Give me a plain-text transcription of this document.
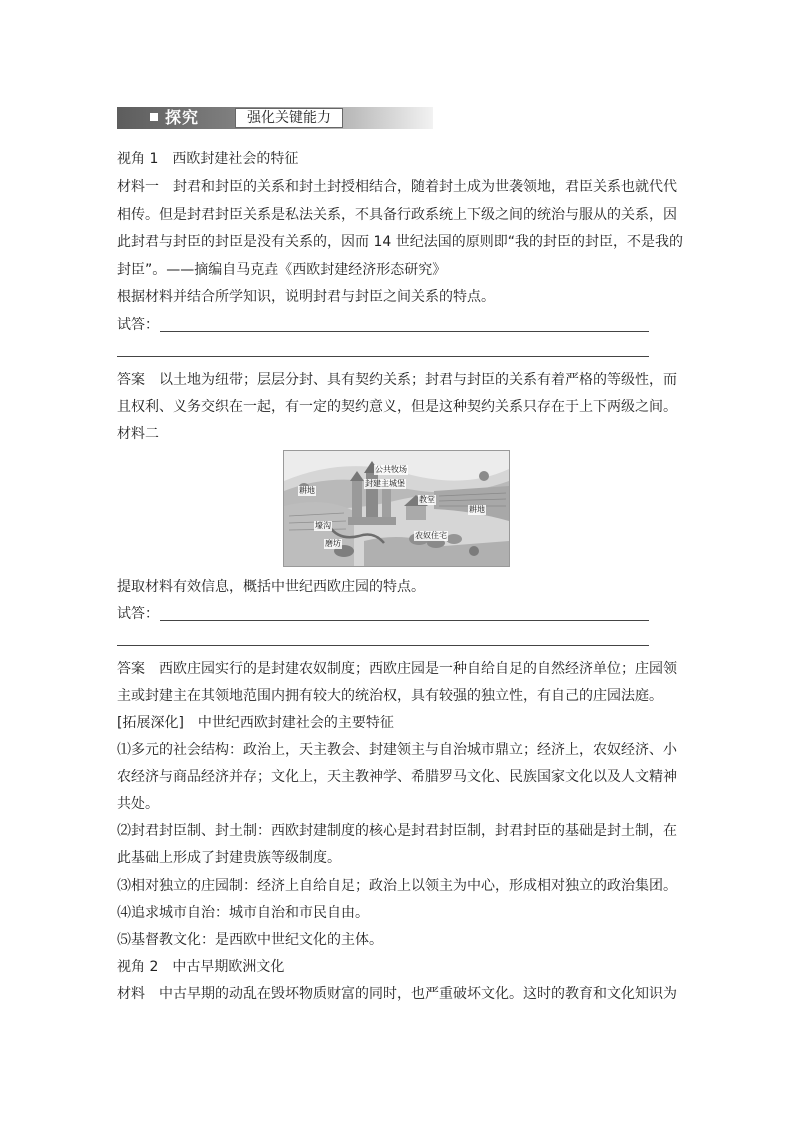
探究	强化关键能力
视角 1　西欧封建社会的特征
材料一　封君和封臣的关系和封土封授相结合，随着封土成为世袭领地，君臣关系也就代代
相传。但是封君封臣关系是私法关系，不具备行政系统上下级之间的统治与服从的关系，因
此封君与封臣的封臣是没有关系的，因而 14 世纪法国的原则即“我的封臣的封臣，不是我的
封臣”。——摘编自马克垚《西欧封建经济形态研究》
根据材料并结合所学知识，说明封君与封臣之间关系的特点。
试答：
答案　以土地为纽带；层层分封、具有契约关系；封君与封臣的关系有着严格的等级性，而
且权利、义务交织在一起，有一定的契约意义，但是这种契约关系只存在于上下两级之间。
材料二
公共牧场
封建主城堡
教堂
耕地
耕地
壕沟
磨坊
农奴住宅
提取材料有效信息，概括中世纪西欧庄园的特点。
试答：
答案　西欧庄园实行的是封建农奴制度；西欧庄园是一种自给自足的自然经济单位；庄园领
主或封建主在其领地范围内拥有较大的统治权，具有较强的独立性，有自己的庄园法庭。
[拓展深化]　中世纪西欧封建社会的主要特征
⑴多元的社会结构：政治上，天主教会、封建领主与自治城市鼎立；经济上，农奴经济、小
农经济与商品经济并存；文化上，天主教神学、希腊罗马文化、民族国家文化以及人文精神
共处。
⑵封君封臣制、封土制：西欧封建制度的核心是封君封臣制，封君封臣的基础是封土制，在
此基础上形成了封建贵族等级制度。
⑶相对独立的庄园制：经济上自给自足；政治上以领主为中心，形成相对独立的政治集团。
⑷追求城市自治：城市自治和市民自由。
⑸基督教文化：是西欧中世纪文化的主体。
视角 2　中古早期欧洲文化
材料　中古早期的动乱在毁坏物质财富的同时，也严重破坏文化。这时的教育和文化知识为
